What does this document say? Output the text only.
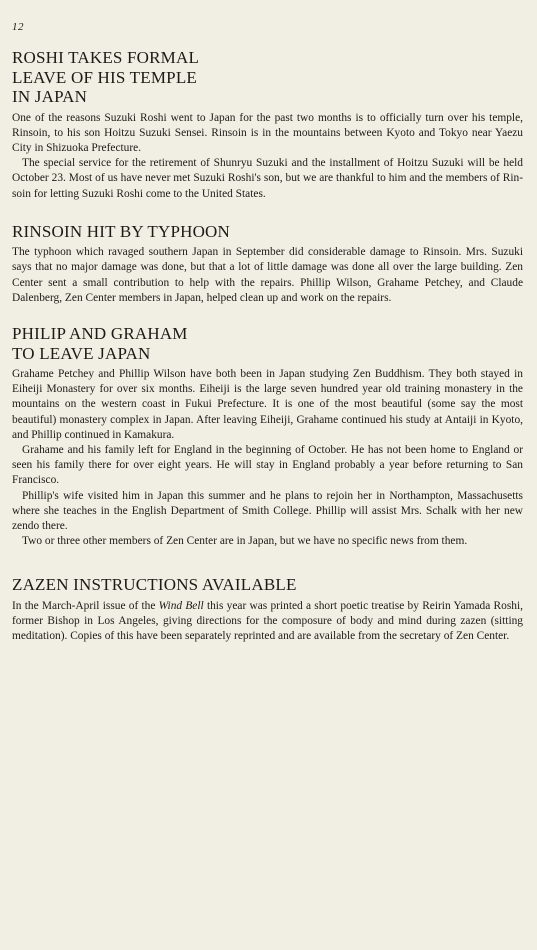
12
ROSHI TAKES FORMAL
LEAVE OF HIS TEMPLE
IN JAPAN

One of the reasons Suzuki Roshi went to Japan for the past two months is to officially turn over his temple, Rinsoin, to his son Hoitzu Suzuki Sensei. Rinsoin is in the mountains between Kyoto and Tokyo near Yaezu City in Shizuoka Prefecture.

The special service for the retirement of Shunryu Suzuki and the installment of Hoitzu Suzuki will be held October 23. Most of us have never met Suzuki Roshi's son, but we are thankful to him and the members of Rinsoin for letting Suzuki Roshi come to the United States.

RINSOIN HIT BY TYPHOON

The typhoon which ravaged southern Japan in September did considerable damage to Rinsoin. Mrs. Suzuki says that no major damage was done, but that a lot of little damage was done all over the large building. Zen Center sent a small contribution to help with the repairs. Phillip Wilson, Grahame Petchey, and Claude Dalenberg, Zen Center members in Japan, helped clean up and work on the repairs.

PHILIP AND GRAHAM
TO LEAVE JAPAN

Grahame Petchey and Phillip Wilson have both been in Japan studying Zen Buddhism. They both stayed in Eiheiji Monastery for over six months. Eiheiji is the large seven hundred year old training monastery in the mountains on the western coast in Fukui Prefecture. It is one of the most beautiful (some say the most beautiful) monastery complex in Japan. After leaving Eiheiji, Grahame continued his study at Antaiji in Kyoto, and Phillip continued in Kamakura.

Grahame and his family left for England in the beginning of October. He has not been home to England or seen his family there for over eight years. He will stay in England probably a year before returning to San Francisco.

Phillip's wife visited him in Japan this summer and he plans to rejoin her in Northampton, Massachusetts where she teaches in the English Department of Smith College. Phillip will assist Mrs. Schalk with her new zendo there.

Two or three other members of Zen Center are in Japan, but we have no specific news from them.

ZAZEN INSTRUCTIONS AVAILABLE

In the March-April issue of the Wind Bell this year was printed a short poetic treatise by Reirin Yamada Roshi, former Bishop in Los Angeles, giving directions for the composure of body and mind during zazen (sitting meditation). Copies of this have been separately reprinted and are available from the secretary of Zen Center.
